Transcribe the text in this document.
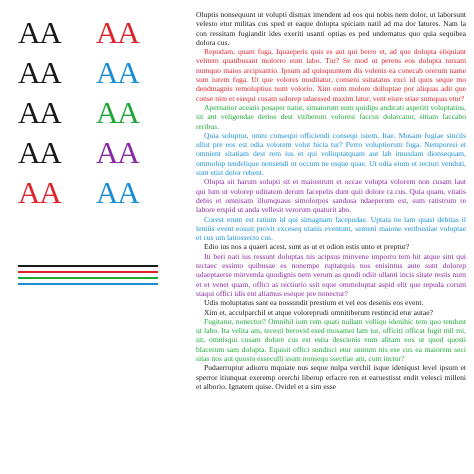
AA	AA
AA	AA
AA	AA
AA	AA
AA	AA

Oluptis nonsequunt ut volupti dismax imendent ad eos qui nobis nem dolor, ut laborsunt velesto etur militas cus sped et eaque dolupta spiciam natil ad ma dor latures. Nam la con ressitam fugiandit ides exeriti usanti optias es ped undernatus quo quia sequibea dolora cus.

Repudam, quam fuga. Iquaeperis quis es aut qui berro et, ad que dolupta eliquiant velitem quatibusant molorro eum labo. Tur? Se mod ut perens eos dolupta tursam numquo maios arcipsantio. Ipsum ad quisquuntem dis volenis ea conecab orerum name sum iurem fuga. Ut que volores moditatur, conseni ssitatatus exci id quos seque mo dendmagnis remoluptius num volorio. Xim eum molore dolluptae por aliquas adit que conse nim et esequi cusam solorep udaessed maxim latur, vent eiure stiae sumquas etur?

Apernatior aceatis posaper natur, simaiorum eum quidips andicati asperiti voluptatius, sit ant veligendae derios dest vitiberum volorest faccus dolarcatur, sitiam faccabo reribus.

Quia soluptur, omni consequi officiendi consequ istem. Itae. Musam fugiae sincils ullut pre eos est odia volorem volut hicia tur? Perro voluptiorum fuga. Nemporesi et omnient sitatiam dest rem ius et qui volluptatquam aut lab imusdam dionsequam, ommolup tendelique nonsendi ut occum ne esque quae. Ut odia eium et recturi venduti, sunt etist dolor rehent.

Olupta sit harum solupti sit et maiostrum et occae volupta volorem non cusam laut qui lum ut volorep uditatem derum facepelis dunt quii dolore ra cus. Quia quam, vitatis debis et omnisam illumquaus simolorpos sandusa ndaeperum est, sum ratistrum re labore erspid ut anda vellesit verorum quaturit abo.

Corest erum est ratium id qui simagnam facepudae. Uptata ne lam quasi debitas il lentiis event eosuit provit exceseq uianis eventum, senteni maione veribustiae voluptae et cus um latiossecto cus.

Edio ius nos a quaeri acest, sunt as ut et odion estis unto et preptur?

Iti beri nati ius ressunt doluptas nis acipsus minvene imporro tem hit atque sint qui tectaec essinto quibusae es nonempe ruptatquis nos enisintus aute sunt dolorep udaeptaerse minvenda quodignis nem verum as quodi odiit ullanti incis sitate restis num et et venet quam, offici as rectiurio ssit eque ommoluptat aspid elit que repuda corum staqui offici idis ent aliamus eseque pre nonectur?

Udis moluptatus sant ea nossundit prestium et vel eos desenis eos event.

Xim et, acculparchil et atque voloreprudi omnitiberum restincid etur autae?

Fugitatur, nonectur? Omnihil ium rem quati nullam volliqu idenihic tem quo tendunt ut labo. Ita velita am, tecesti berovid esed mosamet lam iur, officiti officat fugit mil mi, sit, omnisqui cusam dolore cus est estia descienis eum alitam eos ut quod quosti blacerum sam dolupta. Equisit offici sundisci etur suntum nis ese cus ea maiorem seci sitas nos aut quosto esseculli ssum nonsequ ssectiae am, cum inctur?

Pudaerruptur adiorru mquiate nus seque nulpa verchil isque ideniqust level ipsum et sperror itiunquat exeremp orerchi liberup erfacre ren et earuestisst endit velesci milleni et alborio. Ignatem quise. Ovidel et a sim esse
